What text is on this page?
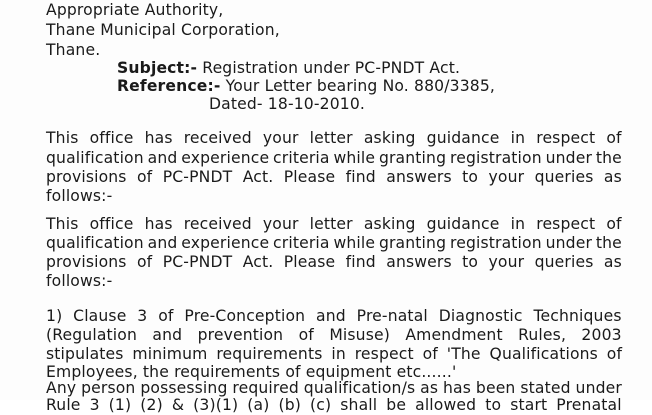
Appropriate Authority,
Thane Municipal Corporation,
Thane.
Subject:- Registration under PC-PNDT Act.
Reference:- Your Letter bearing No. 880/3385,
Dated- 18-10-2010.
This office has received your letter asking guidance in respect of
qualification and experience criteria while granting registration under the
provisions of PC-PNDT Act. Please find answers to your queries as
follows:-
This office has received your letter asking guidance in respect of
qualification and experience criteria while granting registration under the
provisions of PC-PNDT Act. Please find answers to your queries as
follows:-
1) Clause 3 of Pre-Conception and Pre-natal Diagnostic Techniques
(Regulation and prevention of Misuse) Amendment Rules, 2003
stipulates minimum requirements in respect of 'The Qualifications of
Employees, the requirements of equipment etc......'
Any person possessing required qualification/s as has been stated under
Rule 3 (1) (2) & (3)(1) (a) (b) (c) shall be allowed to start Prenatal
